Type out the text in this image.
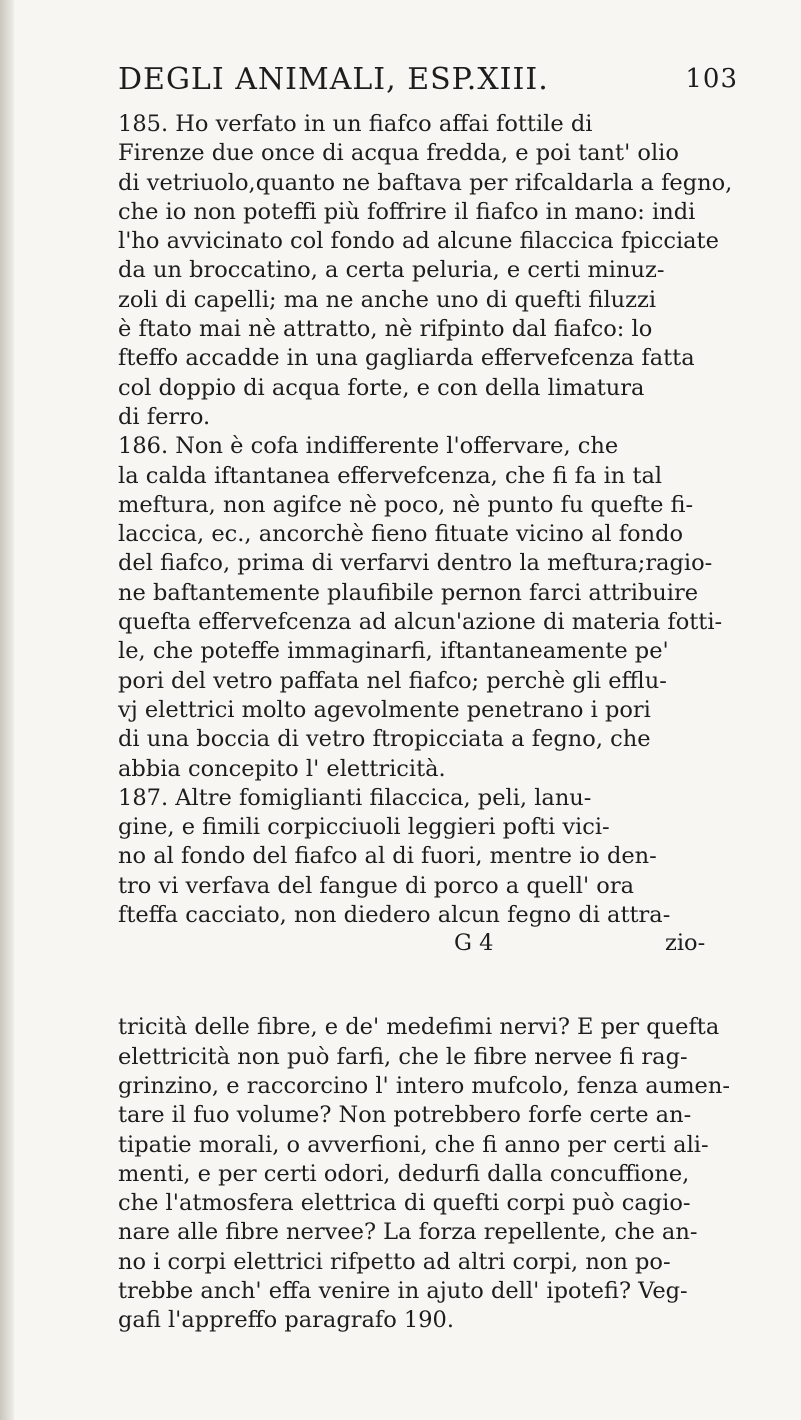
DEGLI ANIMALI, ESP.XIII.	103
185. Ho verfato in un fiafco affai fottile di
Firenze due once di acqua fredda, e poi tant' olio
di vetriuolo,quanto ne baftava per rifcaldarla a fegno,
che io non poteffi più foffrire il fiafco in mano: indi
l'ho avvicinato col fondo ad alcune filaccica fpicciate
da un broccatino, a certa peluria, e certi minuz-
zoli di capelli; ma ne anche uno di quefti filuzzi
è ftato mai nè attratto, nè rifpinto dal fiafco: lo
fteffo accadde in una gagliarda effervefcenza fatta
col doppio di acqua forte, e con della limatura
di ferro.
186. Non è cofa indifferente l'offervare, che
la calda iftantanea effervefcenza, che fi fa in tal
meftura, non agifce nè poco, nè punto fu quefte fi-
laccica, ec., ancorchè fieno fituate vicino al fondo
del fiafco, prima di verfarvi dentro la meftura;ragio-
ne baftantemente plaufibile pernon farci attribuire
quefta effervefcenza ad alcun'azione di materia fotti-
le, che poteffe immaginarfi, iftantaneamente pe'
pori del vetro paffata nel fiafco; perchè gli efflu-
vj elettrici molto agevolmente penetrano i pori
di una boccia di vetro ftropicciata a fegno, che
abbia concepito l' elettricità.
187. Altre fomiglianti filaccica, peli, lanu-
gine, e fimili corpicciuoli leggieri pofti vici-
no al fondo del fiafco al di fuori, mentre io den-
tro vi verfava del fangue di porco a quell' ora
fteffa cacciato, non diedero alcun fegno di attra-
G 4	zio-
tricità delle fibre, e de' medefimi nervi? E per quefta
elettricità non può farfi, che le fibre nervee fi rag-
grinzino, e raccorcino l' intero mufcolo, fenza aumen-
tare il fuo volume? Non potrebbero forfe certe an-
tipatie morali, o avverfioni, che fi anno per certi ali-
menti, e per certi odori, dedurfi dalla concuffione,
che l'atmosfera elettrica di quefti corpi può cagio-
nare alle fibre nervee? La forza repellente, che an-
no i corpi elettrici rifpetto ad altri corpi, non po-
trebbe anch' effa venire in ajuto dell' ipotefi? Veg-
gafi l'appreffo paragrafo 190.
